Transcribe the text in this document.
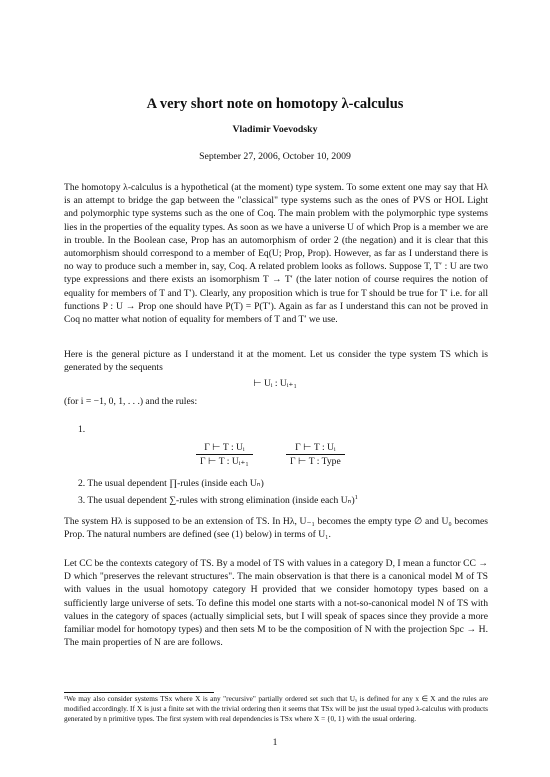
A very short note on homotopy λ-calculus
Vladimir Voevodsky
September 27, 2006, October 10, 2009
The homotopy λ-calculus is a hypothetical (at the moment) type system. To some extent one may say that Hλ is an attempt to bridge the gap between the "classical" type systems such as the ones of PVS or HOL Light and polymorphic type systems such as the one of Coq. The main problem with the polymorphic type systems lies in the properties of the equality types. As soon as we have a universe U of which Prop is a member we are in trouble. In the Boolean case, Prop has an automorphism of order 2 (the negation) and it is clear that this automorphism should correspond to a member of Eq(U; Prop, Prop). However, as far as I understand there is no way to produce such a member in, say, Coq. A related problem looks as follows. Suppose T, T′ : U are two type expressions and there exists an isomorphism T → T′ (the later notion of course requires the notion of equality for members of T and T′). Clearly, any proposition which is true for T should be true for T′ i.e. for all functions P : U → Prop one should have P(T) = P(T′). Again as far as I understand this can not be proved in Coq no matter what notion of equality for members of T and T′ we use.
Here is the general picture as I understand it at the moment. Let us consider the type system TS which is generated by the sequents
⊢ Uᵢ : Uᵢ₊₁
(for i = −1, 0, 1, . . .) and the rules:
1.
$\frac{\text{Γ ⊢ T : Uᵢ}}{\text{Γ ⊢ T : Uᵢ₊₁}}$	Γ ⊢ T : Uᵢ
Γ ⊢ T : Type
2. The usual dependent ∏-rules (inside each Uₙ)
3. The usual dependent ∑-rules with strong elimination (inside each Uₙ)$^1$
The system Hλ is supposed to be an extension of TS. In Hλ, U₋₁ becomes the empty type ∅ and U₀ becomes Prop. The natural numbers are defined (see (1) below) in terms of U₁.
Let CC be the contexts category of TS. By a model of TS with values in a category D, I mean a functor CC → D which "preserves the relevant structures". The main observation is that there is a canonical model M of TS with values in the usual homotopy category H provided that we consider homotopy types based on a sufficiently large universe of sets. To define this model one starts with a not-so-canonical model N of TS with values in the category of spaces (actually simplicial sets, but I will speak of spaces since they provide a more familiar model for homotopy types) and then sets M to be the composition of N with the projection Spc → H. The main properties of N are are follows.
¹We may also consider systems TSx where X is any "recursive" partially ordered set such that Uₓ is defined for any x ∈ X and the rules are modified accordingly. If X is just a finite set with the trivial ordering then it seems that TSx will be just the usual typed λ-calculus with products generated by n primitive types. The first system with real dependencies is TSx where X = {0, 1} with the usual ordering.
1
